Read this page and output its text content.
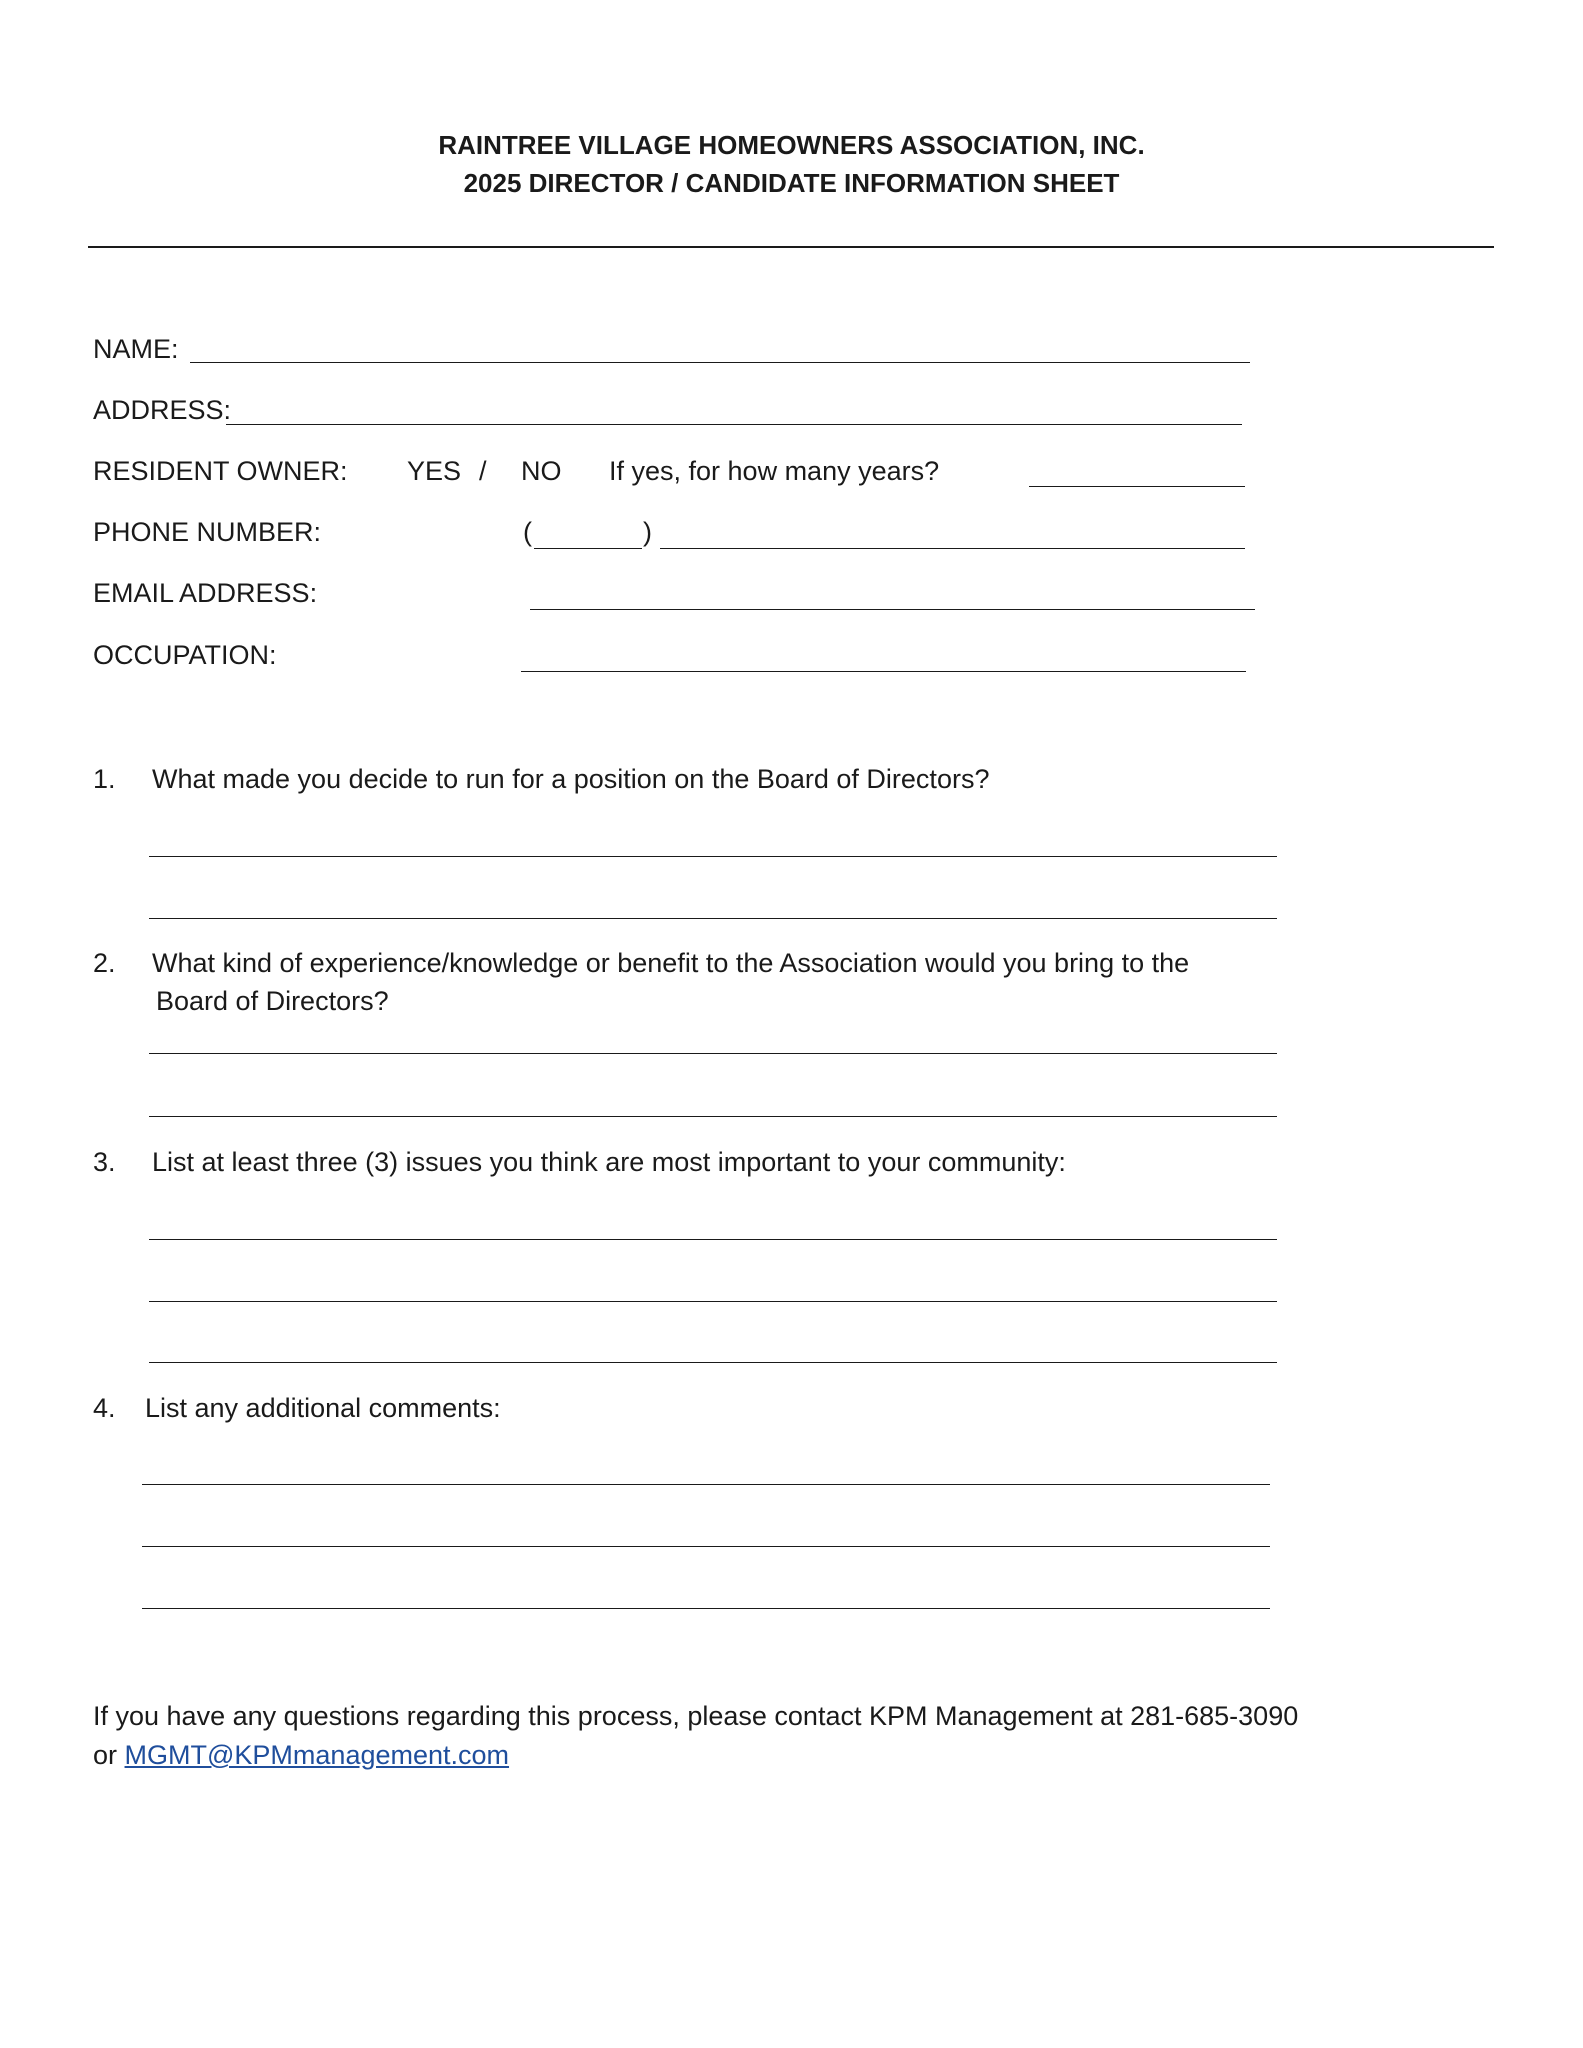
RAINTREE VILLAGE HOMEOWNERS ASSOCIATION, INC.
2025 DIRECTOR / CANDIDATE INFORMATION SHEET
NAME:
ADDRESS:
RESIDENT OWNER: YES / NO If yes, for how many years?
PHONE NUMBER:	(	)
EMAIL ADDRESS:
OCCUPATION:
1. What made you decide to run for a position on the Board of Directors?
2. What kind of experience/knowledge or benefit to the Association would you bring to the
Board of Directors?
3. List at least three (3) issues you think are most important to your community:
4. List any additional comments:
If you have any questions regarding this process, please contact KPM Management at 281-685-3090
or MGMT@KPMmanagement.com
